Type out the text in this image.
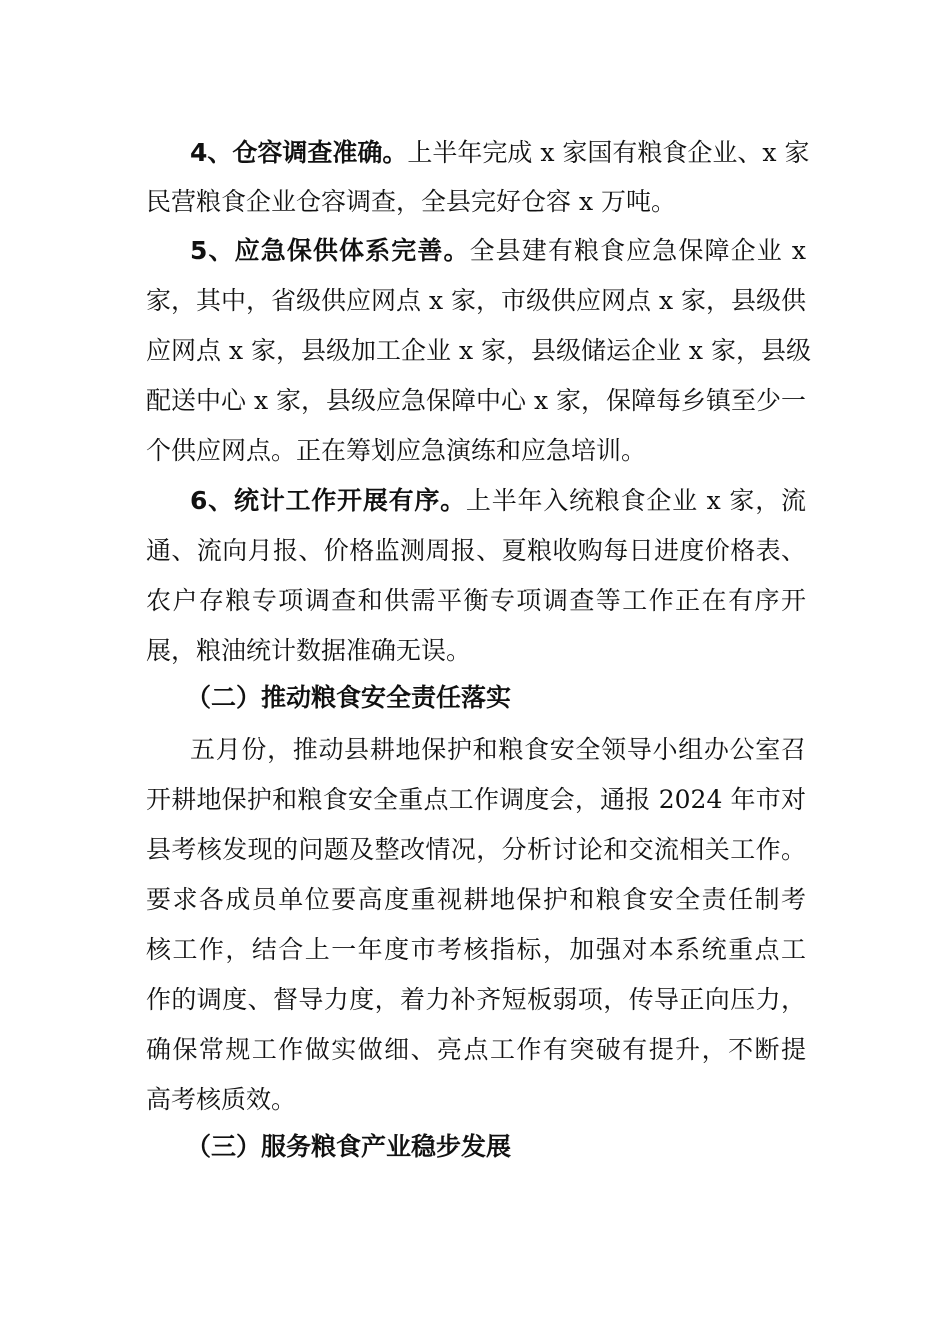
4、仓容调查准确。上半年完成 x 家国有粮食企业、x 家

民营粮食企业仓容调查，全县完好仓容 x 万吨。

5、应急保供体系完善。全县建有粮食应急保障企业 x

家，其中，省级供应网点 x 家，市级供应网点 x 家，县级供

应网点 x 家，县级加工企业 x 家，县级储运企业 x 家，县级

配送中心 x 家，县级应急保障中心 x 家，保障每乡镇至少一

个供应网点。正在筹划应急演练和应急培训。

6、统计工作开展有序。上半年入统粮食企业 x 家，流

通、流向月报、价格监测周报、夏粮收购每日进度价格表、

农户存粮专项调查和供需平衡专项调查等工作正在有序开

展，粮油统计数据准确无误。

（二）推动粮食安全责任落实

五月份，推动县耕地保护和粮食安全领导小组办公室召

开耕地保护和粮食安全重点工作调度会，通报 2024 年市对

县考核发现的问题及整改情况，分析讨论和交流相关工作。

要求各成员单位要高度重视耕地保护和粮食安全责任制考

核工作，结合上一年度市考核指标，加强对本系统重点工

作的调度、督导力度，着力补齐短板弱项，传导正向压力，

确保常规工作做实做细、亮点工作有突破有提升，不断提

高考核质效。

（三）服务粮食产业稳步发展
